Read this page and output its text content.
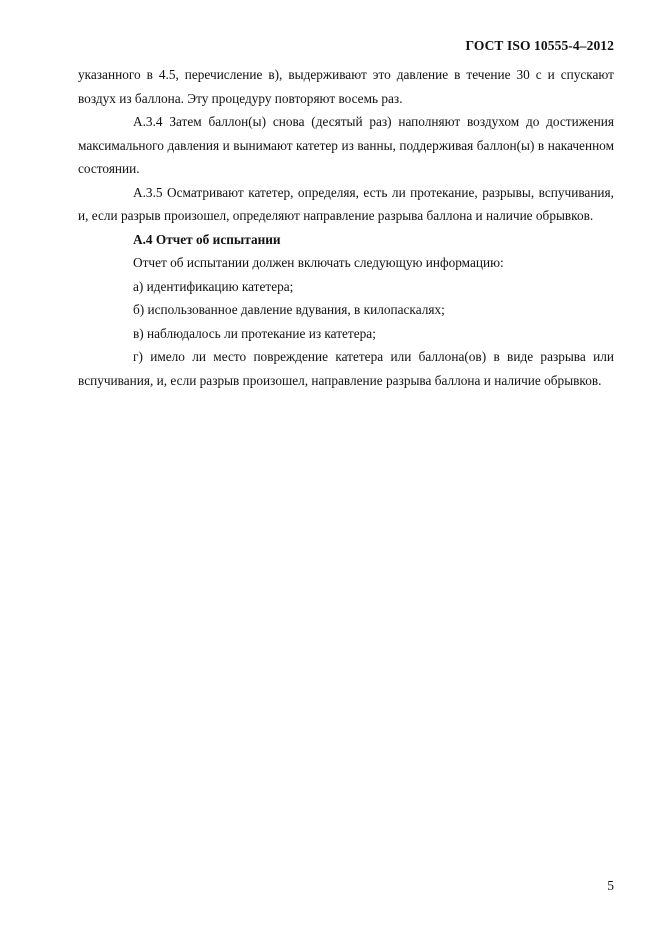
ГОСТ ISO 10555-4–2012

указанного в 4.5, перечисление в), выдерживают это давление в течение 30 с и спускают воздух из баллона. Эту процедуру повторяют восемь раз.

А.3.4 Затем баллон(ы) снова (десятый раз) наполняют воздухом до достижения максимального давления и вынимают катетер из ванны, поддерживая баллон(ы) в накаченном состоянии.

А.3.5 Осматривают катетер, определяя, есть ли протекание, разрывы, вспучивания, и, если разрыв произошел, определяют направление разрыва баллона и наличие обрывков.

А.4 Отчет об испытании

Отчет об испытании должен включать следующую информацию:

а) идентификацию катетера;

б) использованное давление вдувания, в килопаскалях;

в) наблюдалось ли протекание из катетера;

г) имело ли место повреждение катетера или баллона(ов) в виде разрыва или вспучивания, и, если разрыв произошел, направление разрыва баллона и наличие обрывков.

5
